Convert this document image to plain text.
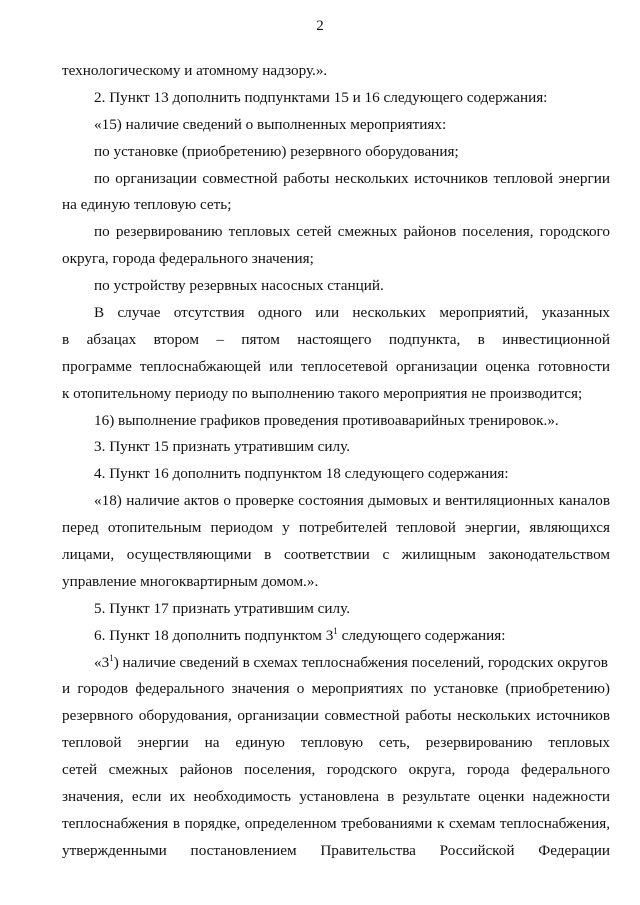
2
технологическому и атомному надзору.».
2. Пункт 13 дополнить подпунктами 15 и 16 следующего содержания:
«15) наличие сведений о выполненных мероприятиях:
по установке (приобретению) резервного оборудования;
по организации совместной работы нескольких источников тепловой энергии
на единую тепловую сеть;
по резервированию тепловых сетей смежных районов поселения, городского
округа, города федерального значения;
по устройству резервных насосных станций.
В случае отсутствия одного или нескольких мероприятий, указанных
в абзацах втором – пятом настоящего подпункта, в инвестиционной
программе теплоснабжающей или теплосетевой организации оценка готовности
к отопительному периоду по выполнению такого мероприятия не производится;
16) выполнение графиков проведения противоаварийных тренировок.».
3. Пункт 15 признать утратившим силу.
4. Пункт 16 дополнить подпунктом 18 следующего содержания:
«18) наличие актов о проверке состояния дымовых и вентиляционных каналов
перед отопительным периодом у потребителей тепловой энергии, являющихся
лицами, осуществляющими в соответствии с жилищным законодательством
управление многоквартирным домом.».
5. Пункт 17 признать утратившим силу.
6. Пункт 18 дополнить подпунктом $3^1$ следующего содержания:
«$3^1$) наличие сведений в схемах теплоснабжения поселений, городских округов
и городов федерального значения о мероприятиях по установке (приобретению)
резервного оборудования, организации совместной работы нескольких источников
тепловой энергии на единую тепловую сеть, резервированию тепловых
сетей смежных районов поселения, городского округа, города федерального
значения, если их необходимость установлена в результате оценки надежности
теплоснабжения в порядке, определенном требованиями к схемам теплоснабжения,
утвержденными постановлением Правительства Российской Федерации
